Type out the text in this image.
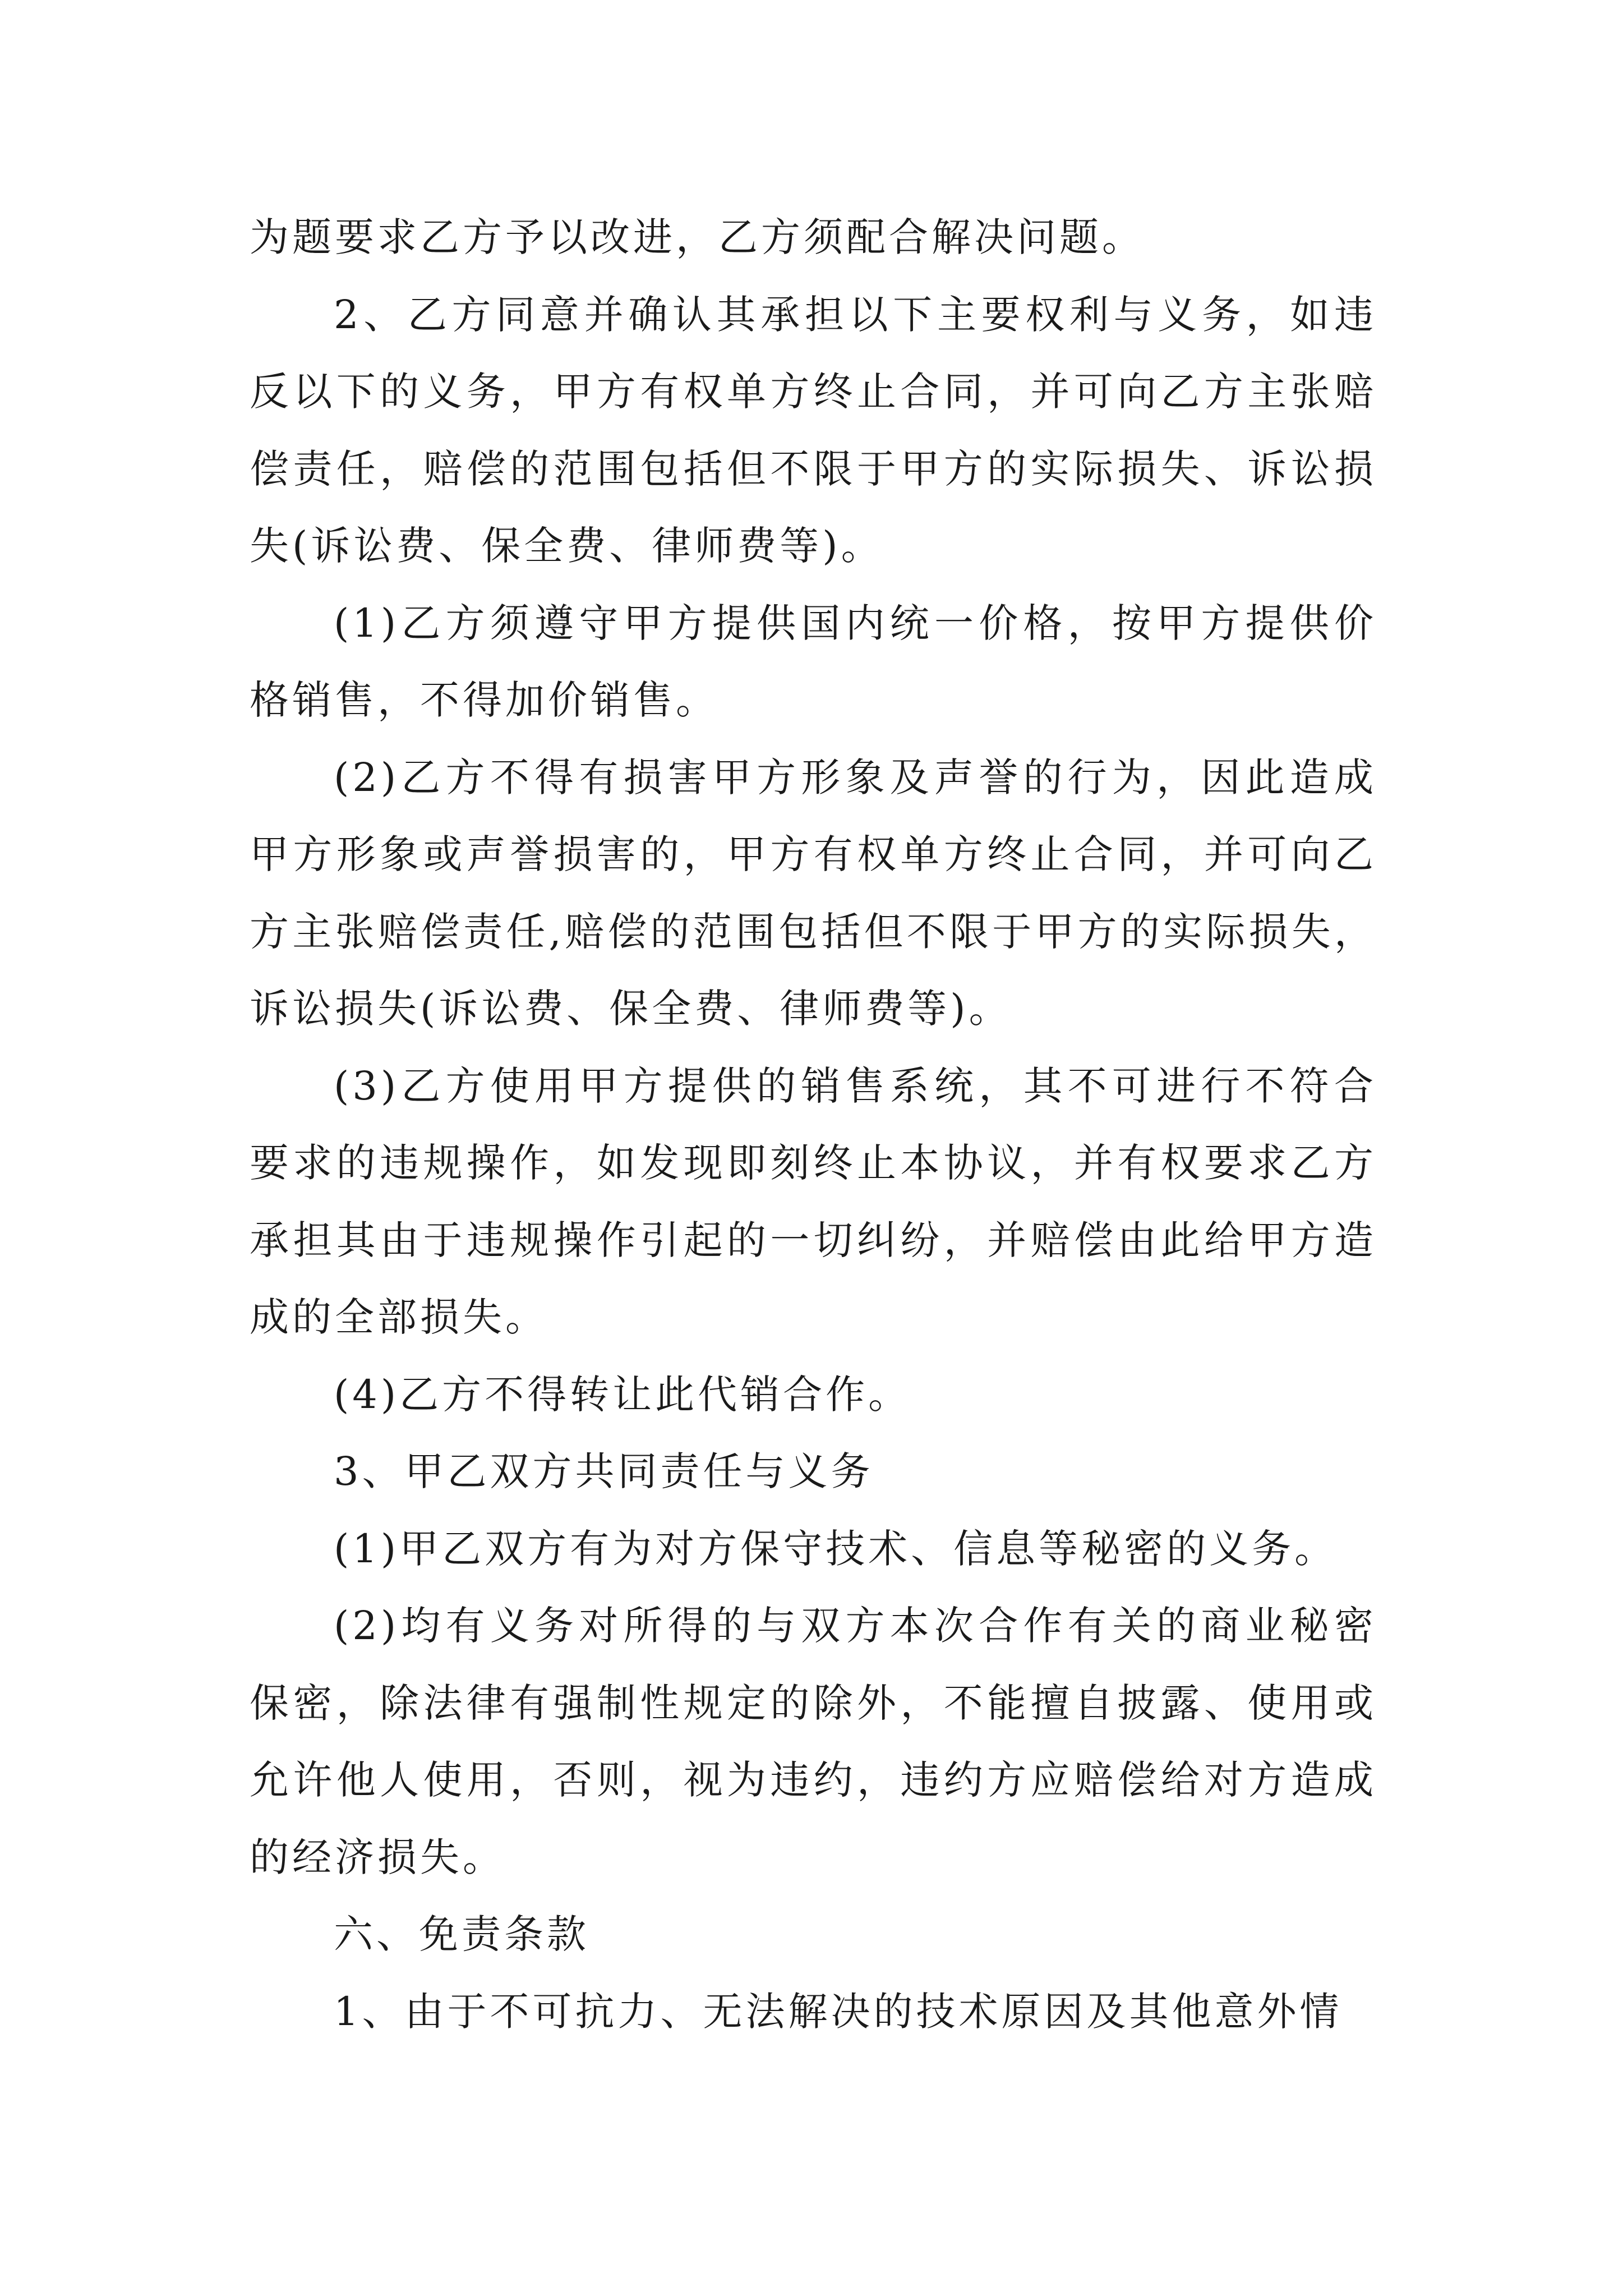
为题要求乙方予以改进，乙方须配合解决问题。

2、乙方同意并确认其承担以下主要权利与义务，如违反以下的义务，甲方有权单方终止合同，并可向乙方主张赔偿责任，赔偿的范围包括但不限于甲方的实际损失、诉讼损失(诉讼费、保全费、律师费等)。

(1)乙方须遵守甲方提供国内统一价格，按甲方提供价格销售，不得加价销售。

(2)乙方不得有损害甲方形象及声誉的行为，因此造成甲方形象或声誉损害的，甲方有权单方终止合同，并可向乙方主张赔偿责任,赔偿的范围包括但不限于甲方的实际损失，诉讼损失(诉讼费、保全费、律师费等)。

(3)乙方使用甲方提供的销售系统，其不可进行不符合要求的违规操作，如发现即刻终止本协议，并有权要求乙方承担其由于违规操作引起的一切纠纷，并赔偿由此给甲方造成的全部损失。

(4)乙方不得转让此代销合作。

3、甲乙双方共同责任与义务

(1)甲乙双方有为对方保守技术、信息等秘密的义务。

(2)均有义务对所得的与双方本次合作有关的商业秘密保密，除法律有强制性规定的除外，不能擅自披露、使用或允许他人使用，否则，视为违约，违约方应赔偿给对方造成的经济损失。

六、免责条款

1、由于不可抗力、无法解决的技术原因及其他意外情
